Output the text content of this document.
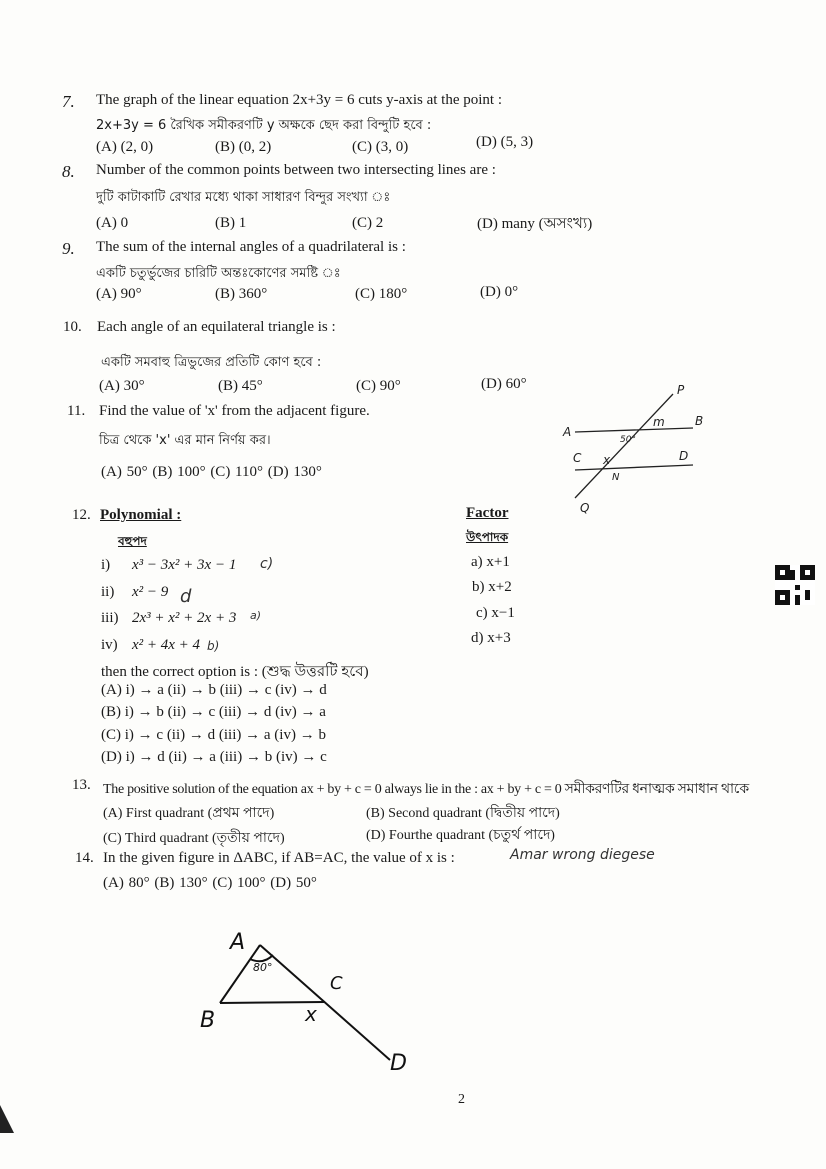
7. The graph of the linear equation 2x+3y = 6 cuts y-axis at the point :
2x+3y = 6 রৈখিক সমীকরণটি y অক্ষকে ছেদ করা বিন্দুটি হবে :
(A) (2, 0)	(B) (0, 2)	(C) (3, 0)	(D) (5, 3)
8. Number of the common points between two intersecting lines are :
দুটি কাটাকাটি রেখার মধ্যে থাকা সাধারণ বিন্দুর সংখ্যা ঃ
(A) 0	(B) 1	(C) 2	(D) many (অসংখ্য)
9. The sum of the internal angles of a quadrilateral is :
একটি চতুর্ভুজের চারিটি অন্তঃকোণের সমষ্টি ঃ
(A) 90°	(B) 360°	(C) 180°	(D) 0°
10. Each angle of an equilateral triangle is :
একটি সমবাহু ত্রিভুজের প্রতিটি কোণ হবে :
(A) 30°	(B) 45°	(C) 90°	(D) 60°
11. Find the value of 'x' from the adjacent figure.
চিত্র থেকে 'x' এর মান নির্ণয় কর।
(A) 50° (B) 100° (C) 110° (D) 130°
P
m	B
A
50°
C x	D
N
Q
12. Polynomial :	Factor
বহুপদ	উৎপাদক
i) x³ − 3x² + 3x − 1 c)
ii) x² − 9 d
iii) 2x³ + x² + 2x + 3 a)
iv) x² + 4x + 4 b)
a) x+1
b) x+2
c) x−1
d) x+3
then the correct option is : (শুদ্ধ উত্তরটি হবে)
(A) i) → a (ii) → b (iii) → c (iv) → d
(B) i) → b (ii) → c (iii) → d (iv) → a
(C) i) → c (ii) → d (iii) → a (iv) → b
(D) i) → d (ii) → a (iii) → b (iv) → c
13. The positive solution of the equation ax + by + c = 0 always lie in the : ax + by + c = 0 সমীকরণটির ধনাত্মক সমাধান থাকে
(A) First quadrant (প্রথম পাদে)	(B) Second quadrant (দ্বিতীয় পাদে)
(C) Third quadrant (তৃতীয় পাদে)	(D) Fourthe quadrant (চতুর্থ পাদে)
14. In the given figure in ΔABC, if AB=AC, the value of x is :	Amar wrong diegese
(A) 80° (B) 130° (C) 100° (D) 50°
A
80°
C
B	x
D
2
